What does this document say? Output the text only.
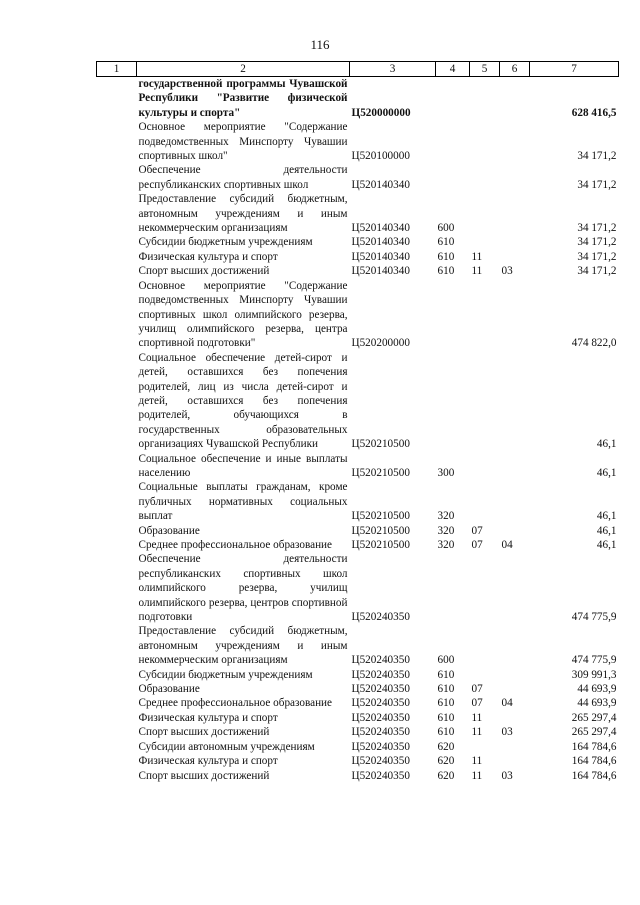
116
1	2	3	4	5	6	7
	государственной программы Чувашской Республики "Развитие физической культуры и спорта"	Ц520000000				628 416,5
	Основное мероприятие "Содержание подведомственных Минспорту Чувашии спортивных школ"	Ц520100000				34 171,2
	Обеспечение деятельности республиканских спортивных школ	Ц520140340				34 171,2
	Предоставление субсидий бюджетным, автономным учреждениям и иным некоммерческим организациям	Ц520140340	600			34 171,2
	Субсидии бюджетным учреждениям	Ц520140340	610			34 171,2
	Физическая культура и спорт	Ц520140340	610	11		34 171,2
	Спорт высших достижений	Ц520140340	610	11	03	34 171,2
	Основное мероприятие "Содержание подведомственных Минспорту Чувашии спортивных школ олимпийского резерва, училищ олимпийского резерва, центра спортивной подготовки"	Ц520200000				474 822,0
	Социальное обеспечение детей-сирот и детей, оставшихся без попечения родителей, лиц из числа детей-сирот и детей, оставшихся без попечения родителей, обучающихся в государственных образовательных организациях Чувашской Республики	Ц520210500				46,1
	Социальное обеспечение и иные выплаты населению	Ц520210500	300			46,1
	Социальные выплаты гражданам, кроме публичных нормативных социальных выплат	Ц520210500	320			46,1
	Образование	Ц520210500	320	07		46,1
	Среднее профессиональное образование	Ц520210500	320	07	04	46,1
	Обеспечение деятельности республиканских спортивных школ олимпийского резерва, училищ олимпийского резерва, центров спортивной подготовки	Ц520240350				474 775,9
	Предоставление субсидий бюджетным, автономным учреждениям и иным некоммерческим организациям	Ц520240350	600			474 775,9
	Субсидии бюджетным учреждениям	Ц520240350	610			309 991,3
	Образование	Ц520240350	610	07		44 693,9
	Среднее профессиональное образование	Ц520240350	610	07	04	44 693,9
	Физическая культура и спорт	Ц520240350	610	11		265 297,4
	Спорт высших достижений	Ц520240350	610	11	03	265 297,4
	Субсидии автономным учреждениям	Ц520240350	620			164 784,6
	Физическая культура и спорт	Ц520240350	620	11		164 784,6
	Спорт высших достижений	Ц520240350	620	11	03	164 784,6
